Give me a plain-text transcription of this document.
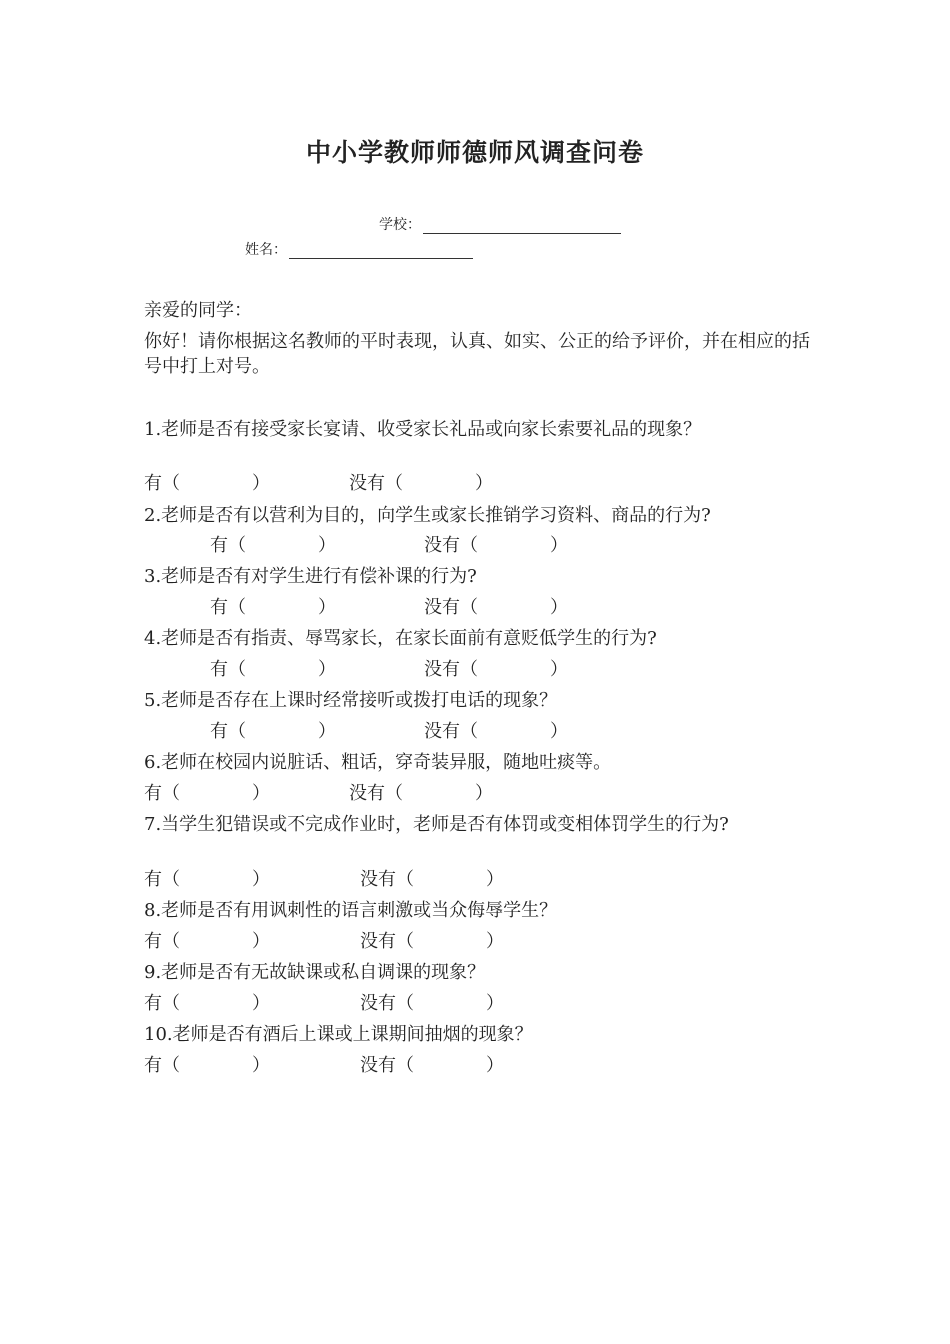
中小学教师师德师风调查问卷
学校：
姓名：
亲爱的同学：
你好！请你根据这名教师的平时表现，认真、如实、公正的给予评价，并在相应的括号中打上对号。
1.老师是否有接受家长宴请、收受家长礼品或向家长索要礼品的现象？
有（　　　　）	没有（　　　　）
2.老师是否有以营利为目的，向学生或家长推销学习资料、商品的行为?
有（　　　　）	没有（　　　　）
3.老师是否有对学生进行有偿补课的行为?
有（　　　　）	没有（　　　　）
4.老师是否有指责、辱骂家长，在家长面前有意贬低学生的行为?
有（　　　　）	没有（　　　　）
5.老师是否存在上课时经常接听或拨打电话的现象？
有（　　　　）	没有（　　　　）
6.老师在校园内说脏话、粗话，穿奇装异服，随地吐痰等。
有（　　　　）	没有（　　　　）
7.当学生犯错误或不完成作业时，老师是否有体罚或变相体罚学生的行为?
有（　　　　）	没有（　　　　）
8.老师是否有用讽刺性的语言刺激或当众侮辱学生？
有（　　　　）	没有（　　　　）
9.老师是否有无故缺课或私自调课的现象？
有（　　　　）	没有（　　　　）
10.老师是否有酒后上课或上课期间抽烟的现象？
有（　　　　）	没有（　　　　）
